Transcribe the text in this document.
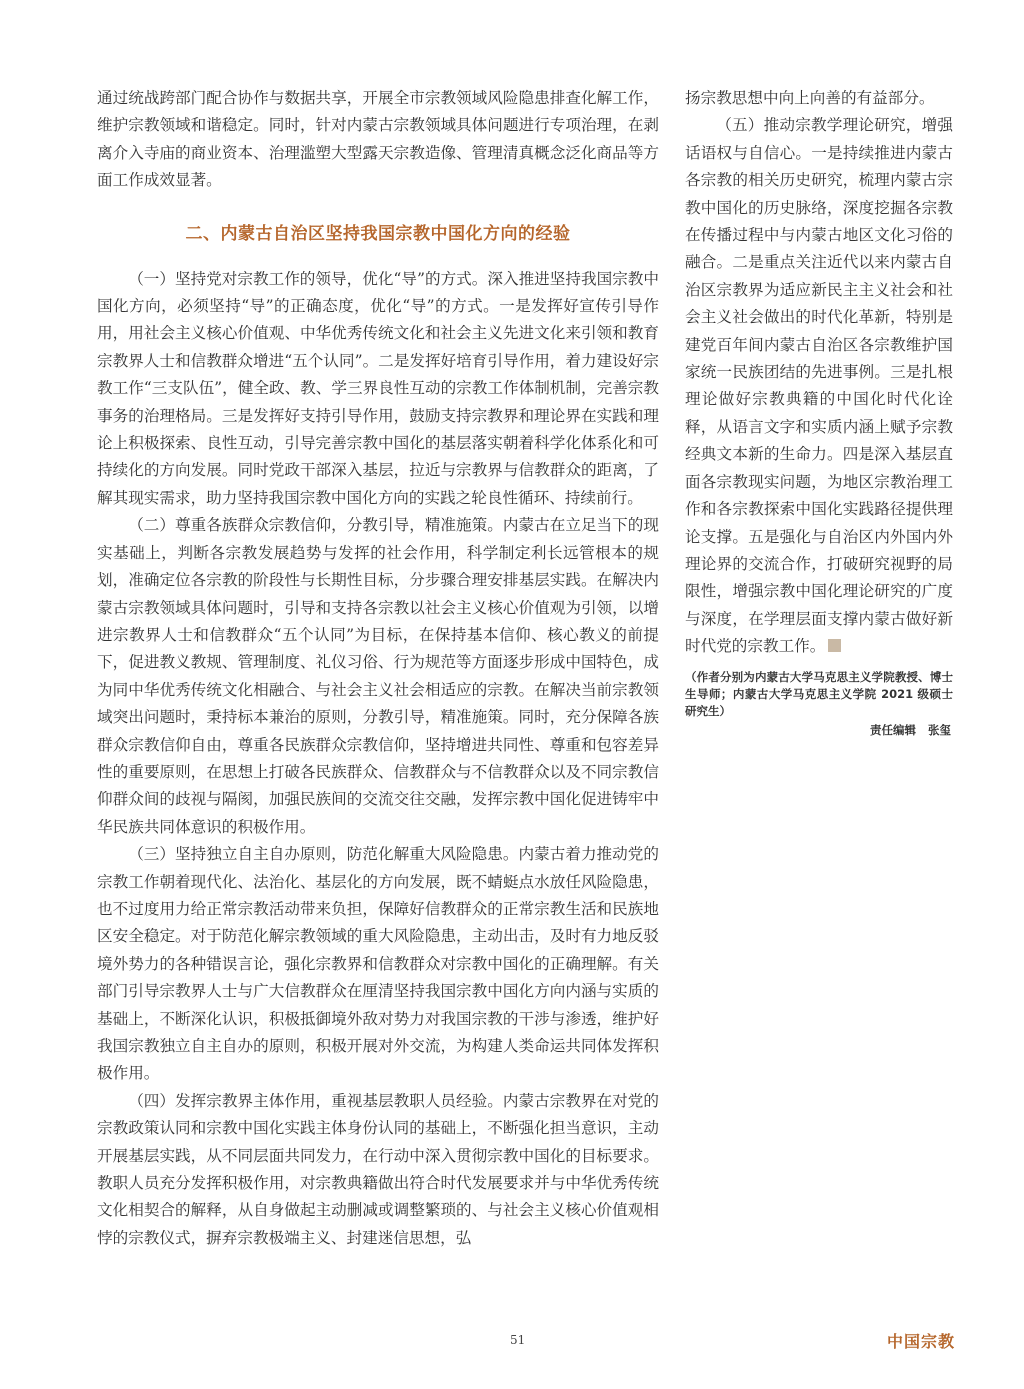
通过统战跨部门配合协作与数据共享，开展全市宗教领域风险隐患排查化解工作，维护宗教领域和谐稳定。同时，针对内蒙古宗教领域具体问题进行专项治理，在剥离介入寺庙的商业资本、治理滥塑大型露天宗教造像、管理清真概念泛化商品等方面工作成效显著。

二、内蒙古自治区坚持我国宗教中国化方向的经验

（一）坚持党对宗教工作的领导，优化“导”的方式。深入推进坚持我国宗教中国化方向，必须坚持“导”的正确态度，优化“导”的方式。一是发挥好宣传引导作用，用社会主义核心价值观、中华优秀传统文化和社会主义先进文化来引领和教育宗教界人士和信教群众增进“五个认同”。二是发挥好培育引导作用，着力建设好宗教工作“三支队伍”，健全政、教、学三界良性互动的宗教工作体制机制，完善宗教事务的治理格局。三是发挥好支持引导作用，鼓励支持宗教界和理论界在实践和理论上积极探索、良性互动，引导完善宗教中国化的基层落实朝着科学化体系化和可持续化的方向发展。同时党政干部深入基层，拉近与宗教界与信教群众的距离，了解其现实需求，助力坚持我国宗教中国化方向的实践之轮良性循环、持续前行。

（二）尊重各族群众宗教信仰，分教引导，精准施策。内蒙古在立足当下的现实基础上，判断各宗教发展趋势与发挥的社会作用，科学制定利长远管根本的规划，准确定位各宗教的阶段性与长期性目标，分步骤合理安排基层实践。在解决内蒙古宗教领域具体问题时，引导和支持各宗教以社会主义核心价值观为引领，以增进宗教界人士和信教群众“五个认同”为目标，在保持基本信仰、核心教义的前提下，促进教义教规、管理制度、礼仪习俗、行为规范等方面逐步形成中国特色，成为同中华优秀传统文化相融合、与社会主义社会相适应的宗教。在解决当前宗教领域突出问题时，秉持标本兼治的原则，分教引导，精准施策。同时，充分保障各族群众宗教信仰自由，尊重各民族群众宗教信仰，坚持增进共同性、尊重和包容差异性的重要原则，在思想上打破各民族群众、信教群众与不信教群众以及不同宗教信仰群众间的歧视与隔阂，加强民族间的交流交往交融，发挥宗教中国化促进铸牢中华民族共同体意识的积极作用。

（三）坚持独立自主自办原则，防范化解重大风险隐患。内蒙古着力推动党的宗教工作朝着现代化、法治化、基层化的方向发展，既不蜻蜓点水放任风险隐患，也不过度用力给正常宗教活动带来负担，保障好信教群众的正常宗教生活和民族地区安全稳定。对于防范化解宗教领域的重大风险隐患，主动出击，及时有力地反驳境外势力的各种错误言论，强化宗教界和信教群众对宗教中国化的正确理解。有关部门引导宗教界人士与广大信教群众在厘清坚持我国宗教中国化方向内涵与实质的基础上，不断深化认识，积极抵御境外敌对势力对我国宗教的干涉与渗透，维护好我国宗教独立自主自办的原则，积极开展对外交流，为构建人类命运共同体发挥积极作用。

（四）发挥宗教界主体作用，重视基层教职人员经验。内蒙古宗教界在对党的宗教政策认同和宗教中国化实践主体身份认同的基础上，不断强化担当意识，主动开展基层实践，从不同层面共同发力，在行动中深入贯彻宗教中国化的目标要求。教职人员充分发挥积极作用，对宗教典籍做出符合时代发展要求并与中华优秀传统文化相契合的解释，从自身做起主动删减或调整繁琐的、与社会主义核心价值观相悖的宗教仪式，摒弃宗教极端主义、封建迷信思想，弘

扬宗教思想中向上向善的有益部分。

（五）推动宗教学理论研究，增强话语权与自信心。一是持续推进内蒙古各宗教的相关历史研究，梳理内蒙古宗教中国化的历史脉络，深度挖掘各宗教在传播过程中与内蒙古地区文化习俗的融合。二是重点关注近代以来内蒙古自治区宗教界为适应新民主主义社会和社会主义社会做出的时代化革新，特别是建党百年间内蒙古自治区各宗教维护国家统一民族团结的先进事例。三是扎根理论做好宗教典籍的中国化时代化诠释，从语言文字和实质内涵上赋予宗教经典文本新的生命力。四是深入基层直面各宗教现实问题，为地区宗教治理工作和各宗教探索中国化实践路径提供理论支撑。五是强化与自治区内外国内外理论界的交流合作，打破研究视野的局限性，增强宗教中国化理论研究的广度与深度，在学理层面支撑内蒙古做好新时代党的宗教工作。

（作者分别为内蒙古大学马克思主义学院教授、博士生导师；内蒙古大学马克思主义学院 2021 级硕士研究生）
责任编辑 张玺
51	中国宗教
